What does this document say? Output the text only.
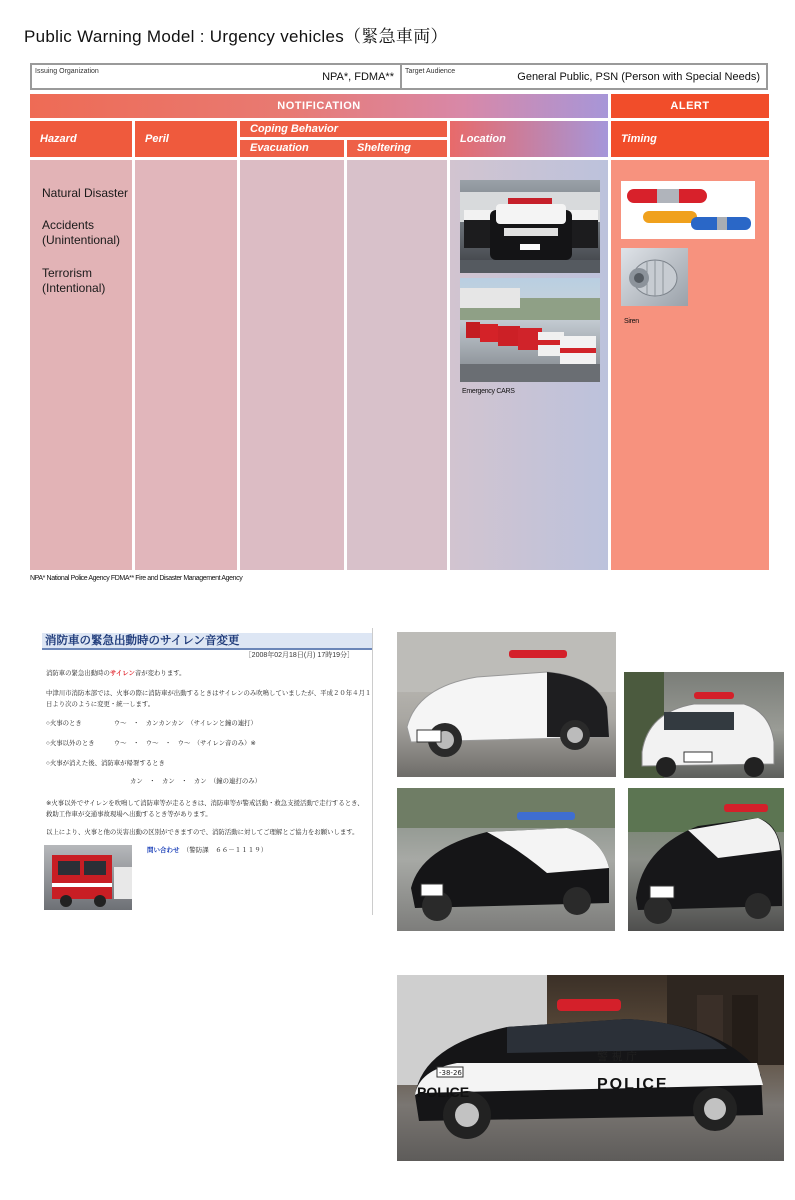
Public Warning Model : Urgency vehicles（緊急車両）
Issuing Organization	NPA*, FDMA** Target Audience	General Public, PSN (Person with Special Needs)
NOTIFICATION	ALERT
Hazard	Peril
Coping Behavior
Evacuation	Sheltering
Location	Timing
Natural Disaster
Accidents
(Unintentional)
Terrorism
(Intentional)
Emergency CARS
Siren
NPA* National Police Agency FDMA** Fire and Disaster Management Agency
消防車の緊急出動時のサイレン音変更
［2008年02月18日(月) 17時19分］
消防車の緊急出動時のサイレン音が変わります。
中津川市消防本部では、火事の際に消防車が出動するときはサイレンのみ吹鳴していましたが、平成２０年４月１
日より次のように変更・統一します。
○火事のとき　　　　　ウ～　・　カンカンカン　（サイレンと鐘の連打）
○火事以外のとき　　　ウ～　・　ウ～　・　ウ～　（サイレン音のみ）※
○火事が消えた後、消防車が帰署するとき
カン　・　カン　・　カン　（鐘の連打のみ）
※火事以外でサイレンを吹鳴して消防車等が走るときは、消防車等が警戒活動・救急支援活動で走行するとき、
救助工作車が交通事故現場へ出動するとき等があります。
以上により、火事と他の災害出動の区別ができますので、消防活動に対してご理解とご協力をお願いします。
問い合わせ　 （警防課　６６－１１１９）
-38-26
警 視 庁
POLICE	POLICE
